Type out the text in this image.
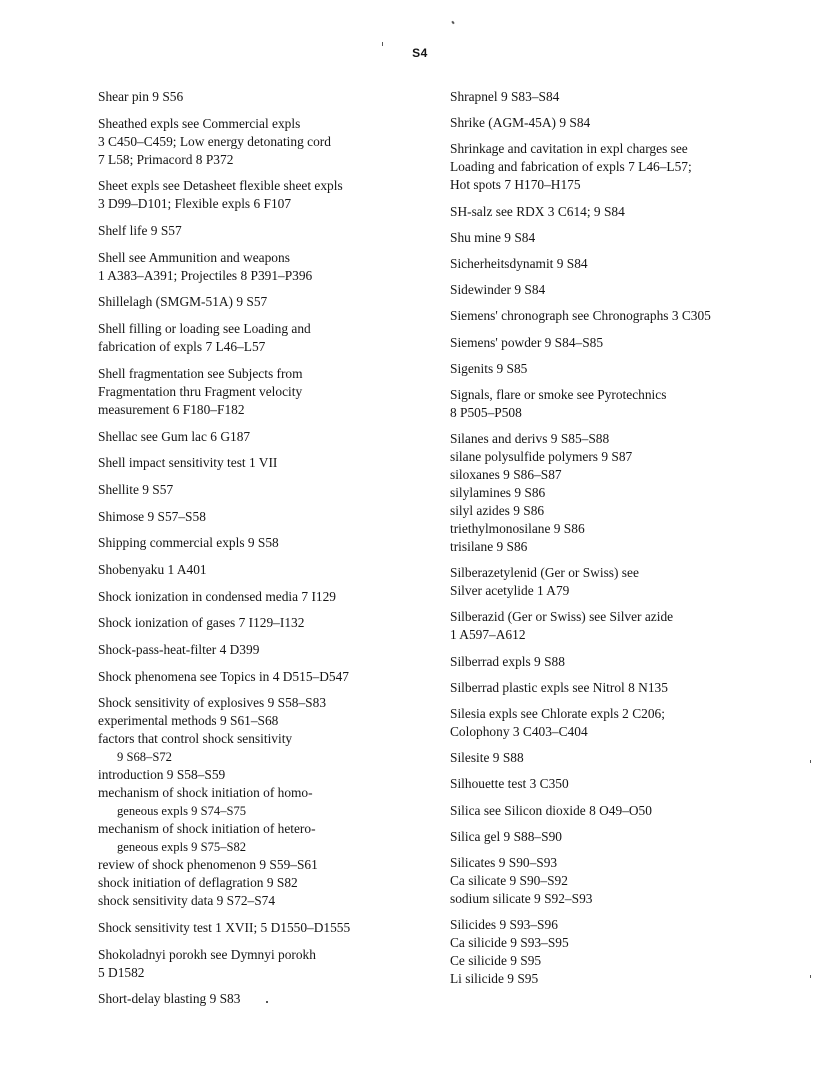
S4
Shear pin 9 S56
Sheathed expls see Commercial expls
3 C450–C459; Low energy detonating cord
7 L58; Primacord 8 P372
Sheet expls see Detasheet flexible sheet expls
3 D99–D101; Flexible expls 6 F107
Shelf life 9 S57
Shell see Ammunition and weapons
1 A383–A391; Projectiles 8 P391–P396
Shillelagh (SMGM-51A) 9 S57
Shell filling or loading see Loading and
fabrication of expls 7 L46–L57
Shell fragmentation see Subjects from
Fragmentation thru Fragment velocity
measurement 6 F180–F182
Shellac see Gum lac 6 G187
Shell impact sensitivity test 1 VII
Shellite 9 S57
Shimose 9 S57–S58
Shipping commercial expls 9 S58
Shobenyaku 1 A401
Shock ionization in condensed media 7 I129
Shock ionization of gases 7 I129–I132
Shock-pass-heat-filter 4 D399
Shock phenomena see Topics in 4 D515–D547
Shock sensitivity of explosives 9 S58–S83
experimental methods 9 S61–S68
factors that control shock sensitivity
9 S68–S72
introduction 9 S58–S59
mechanism of shock initiation of homo-
geneous expls 9 S74–S75
mechanism of shock initiation of hetero-
geneous expls 9 S75–S82
review of shock phenomenon 9 S59–S61
shock initiation of deflagration 9 S82
shock sensitivity data 9 S72–S74
Shock sensitivity test 1 XVII; 5 D1550–D1555
Shokoladnyi porokh see Dymnyi porokh
5 D1582
Short-delay blasting 9 S83
Shrapnel 9 S83–S84
Shrike (AGM-45A) 9 S84
Shrinkage and cavitation in expl charges see
Loading and fabrication of expls 7 L46–L57;
Hot spots 7 H170–H175
SH-salz see RDX 3 C614; 9 S84
Shu mine 9 S84
Sicherheitsdynamit 9 S84
Sidewinder 9 S84
Siemens' chronograph see Chronographs 3 C305
Siemens' powder 9 S84–S85
Sigenits 9 S85
Signals, flare or smoke see Pyrotechnics
8 P505–P508
Silanes and derivs 9 S85–S88
silane polysulfide polymers 9 S87
siloxanes 9 S86–S87
silylamines 9 S86
silyl azides 9 S86
triethylmonosilane 9 S86
trisilane 9 S86
Silberazetylenid (Ger or Swiss) see
Silver acetylide 1 A79
Silberazid (Ger or Swiss) see Silver azide
1 A597–A612
Silberrad expls 9 S88
Silberrad plastic expls see Nitrol 8 N135
Silesia expls see Chlorate expls 2 C206;
Colophony 3 C403–C404
Silesite 9 S88
Silhouette test 3 C350
Silica see Silicon dioxide 8 O49–O50
Silica gel 9 S88–S90
Silicates 9 S90–S93
Ca silicate 9 S90–S92
sodium silicate 9 S92–S93
Silicides 9 S93–S96
Ca silicide 9 S93–S95
Ce silicide 9 S95
Li silicide 9 S95
